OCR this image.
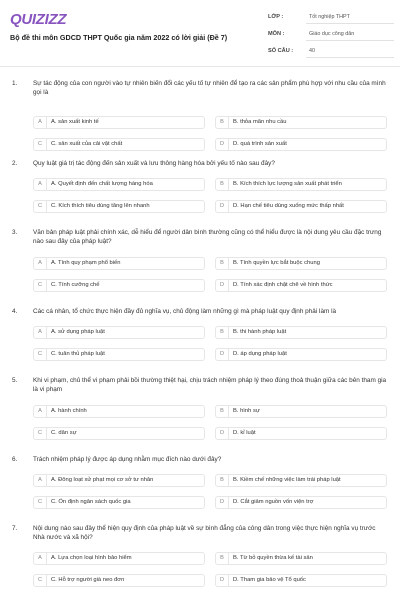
QUIZIZZ
Bộ đề thi môn GDCD THPT Quốc gia năm 2022 có lời giải (Đề 7)
LỚP :	Tốt nghiệp THPT
MÔN :	Giáo dục công dân
SỐ CÂU :	40
1. Sự tác động của con người vào tự nhiên biến đổi các yếu tố tự nhiên để tạo ra các sản phẩm phù hợp với nhu cầu của mình gọi là
A	A. sản xuất kinh tế	B	B. thỏa mãn nhu cầu
C	C. sản xuất của cải vật chất	D	D. quá trình sản xuất
2. Quy luật giá trị tác động đến sản xuất và lưu thông hàng hóa bởi yếu tố nào sau đây?
A	A. Quyết định đến chất lượng hàng hóa	B	B. Kích thích lực lượng sản xuất phát triển
C	C. Kích thích tiêu dùng tăng lên nhanh	D	D. Hạn chế tiêu dùng xuống mức thấp nhất
3. Văn bản pháp luật phải chính xác, dễ hiểu để người dân bình thường cũng có thể hiểu được là nội dung yêu cầu đặc trưng nào sau đây của pháp luật?
A	A. Tính quy phạm phổ biến	B	B. Tính quyền lực bắt buộc chung
C	C. Tính cưỡng chế	D	D. Tính xác định chặt chẽ về hình thức
4. Các cá nhân, tổ chức thực hiện đầy đủ nghĩa vụ, chủ động làm những gì mà pháp luật quy định phải làm là
A	A. sử dụng pháp luật	B	B. thi hành pháp luật
C	C. tuân thủ pháp luật	D	D. áp dụng pháp luật
5. Khi vi phạm, chủ thể vi phạm phải bồi thường thiệt hại, chịu trách nhiệm pháp lý theo đúng thoả thuận giữa các bên tham gia là vi phạm
A	A. hành chính	B	B. hình sự
C	C. dân sự	D	D. kỉ luật
6. Trách nhiệm pháp lý được áp dụng nhằm mục đích nào dưới đây?
A	A. Đông loạt xử phạt mọi cơ sở tư nhân	B	B. Kiềm chế những việc làm trái pháp luật
C	C. Ổn định ngân sách quốc gia	D	D. Cắt giảm nguồn vốn viện trợ
7. Nội dung nào sau đây thể hiện quy định của pháp luật về sự bình đẳng của công dân trong việc thực hiện nghĩa vụ trước Nhà nước và xã hội?
A	A. Lựa chọn loại hình bảo hiểm	B	B. Từ bỏ quyền thừa kế tài sản
C	C. Hỗ trợ người già neo đơn	D	D. Tham gia bảo vệ Tổ quốc
